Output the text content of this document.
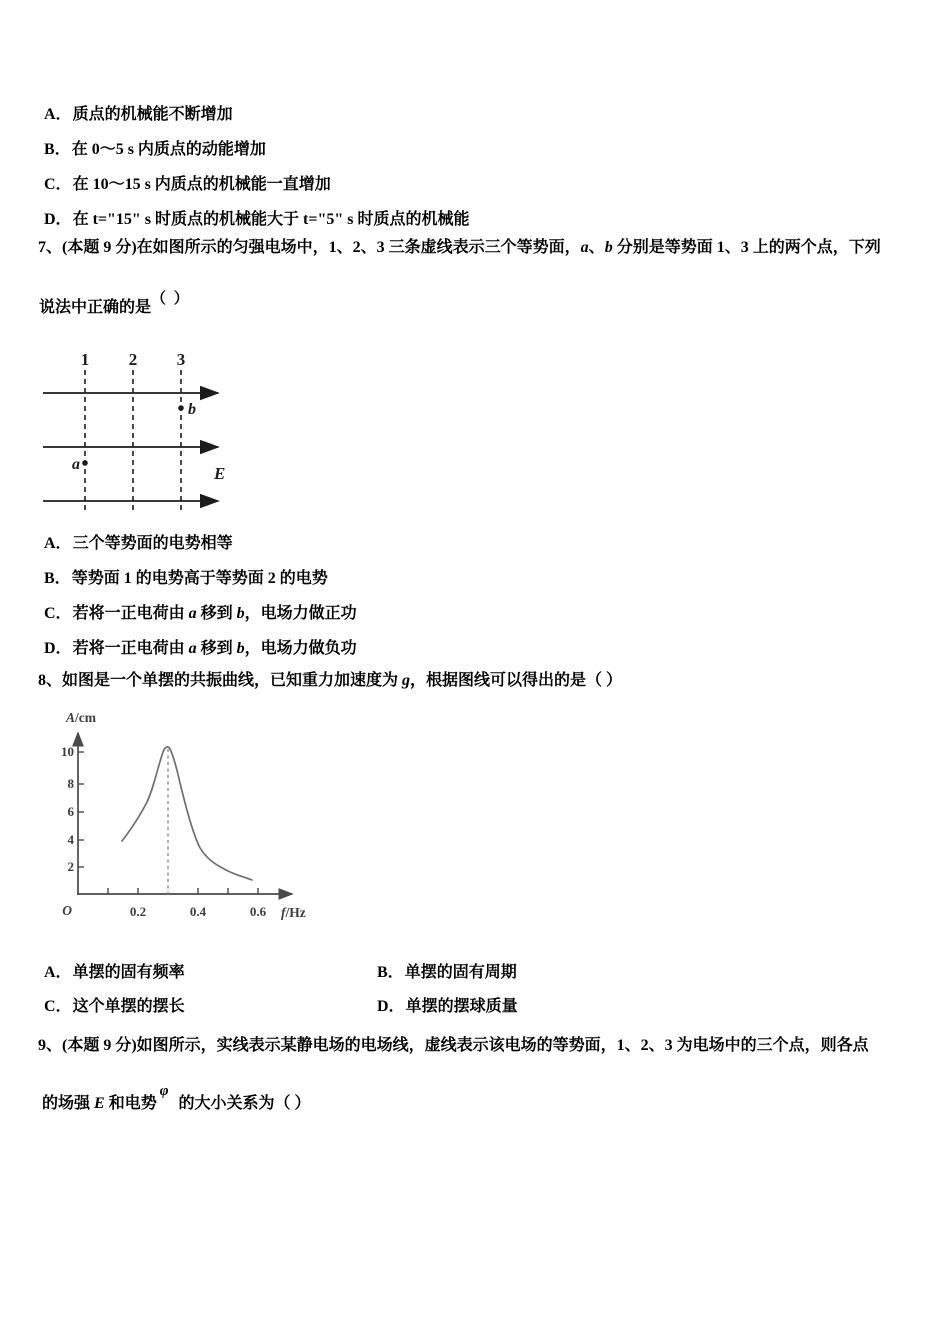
A．质点的机械能不断增加
B．在 0～5 s 内质点的动能增加
C．在 10～15 s 内质点的机械能一直增加
D．在 t="15" s 时质点的机械能大于 t="5" s 时质点的机械能
7、(本题 9 分)在如图所示的匀强电场中，1、2、3 三条虚线表示三个等势面，a、b 分别是等势面 1、3 上的两个点，下列
说法中正确的是（ ）
1 2 3
b
a	E
A．三个等势面的电势相等
B．等势面 1 的电势高于等势面 2 的电势
C．若将一正电荷由 a 移到 b，电场力做正功
D．若将一正电荷由 a 移到 b，电场力做负功
8、如图是一个单摆的共振曲线，已知重力加速度为 g，根据图线可以得出的是（ ）
A/cm
10
8
6
4
2
0.2	0.4	0.6
O	f/Hz
A．单摆的固有频率	B．单摆的固有周期
C．这个单摆的摆长	D．单摆的摆球质量
9、(本题 9 分)如图所示，实线表示某静电场的电场线，虚线表示该电场的等势面，1、2、3 为电场中的三个点，则各点
的场强 E 和电势φ 的大小关系为（ ）
